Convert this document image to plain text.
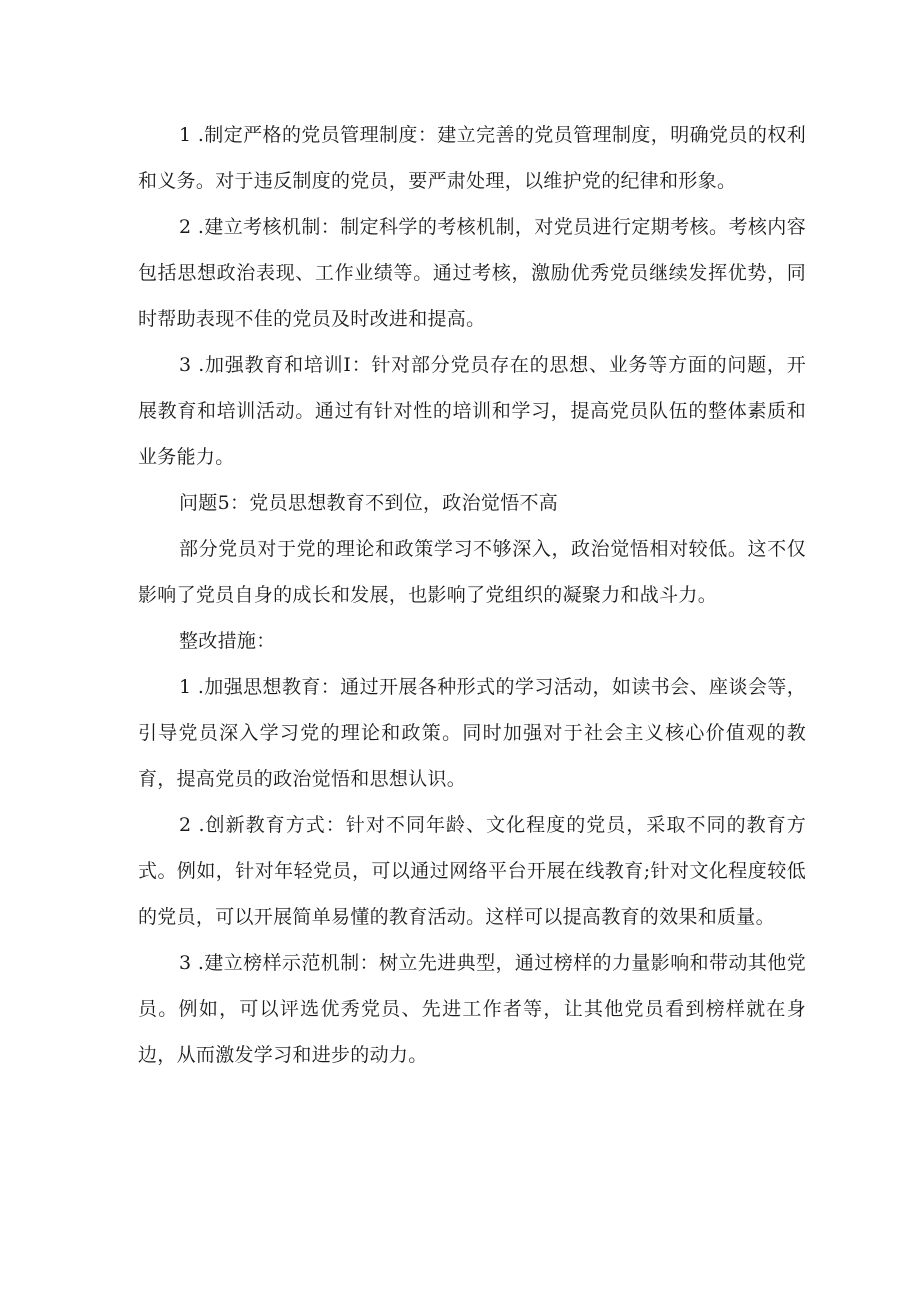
1 .制定严格的党员管理制度：建立完善的党员管理制度，明确党员的权利和义务。对于违反制度的党员，要严肃处理，以维护党的纪律和形象。

2 .建立考核机制：制定科学的考核机制，对党员进行定期考核。考核内容包括思想政治表现、工作业绩等。通过考核，激励优秀党员继续发挥优势，同时帮助表现不佳的党员及时改进和提高。

3 .加强教育和培训I：针对部分党员存在的思想、业务等方面的问题，开展教育和培训活动。通过有针对性的培训和学习，提高党员队伍的整体素质和业务能力。

问题5：党员思想教育不到位，政治觉悟不高

部分党员对于党的理论和政策学习不够深入，政治觉悟相对较低。这不仅影响了党员自身的成长和发展，也影响了党组织的凝聚力和战斗力。

整改措施：

1 .加强思想教育：通过开展各种形式的学习活动，如读书会、座谈会等，引导党员深入学习党的理论和政策。同时加强对于社会主义核心价值观的教育，提高党员的政治觉悟和思想认识。

2 .创新教育方式：针对不同年龄、文化程度的党员，采取不同的教育方式。例如，针对年轻党员，可以通过网络平台开展在线教育;针对文化程度较低的党员，可以开展简单易懂的教育活动。这样可以提高教育的效果和质量。

3 .建立榜样示范机制：树立先进典型，通过榜样的力量影响和带动其他党员。例如，可以评选优秀党员、先进工作者等，让其他党员看到榜样就在身边，从而激发学习和进步的动力。
